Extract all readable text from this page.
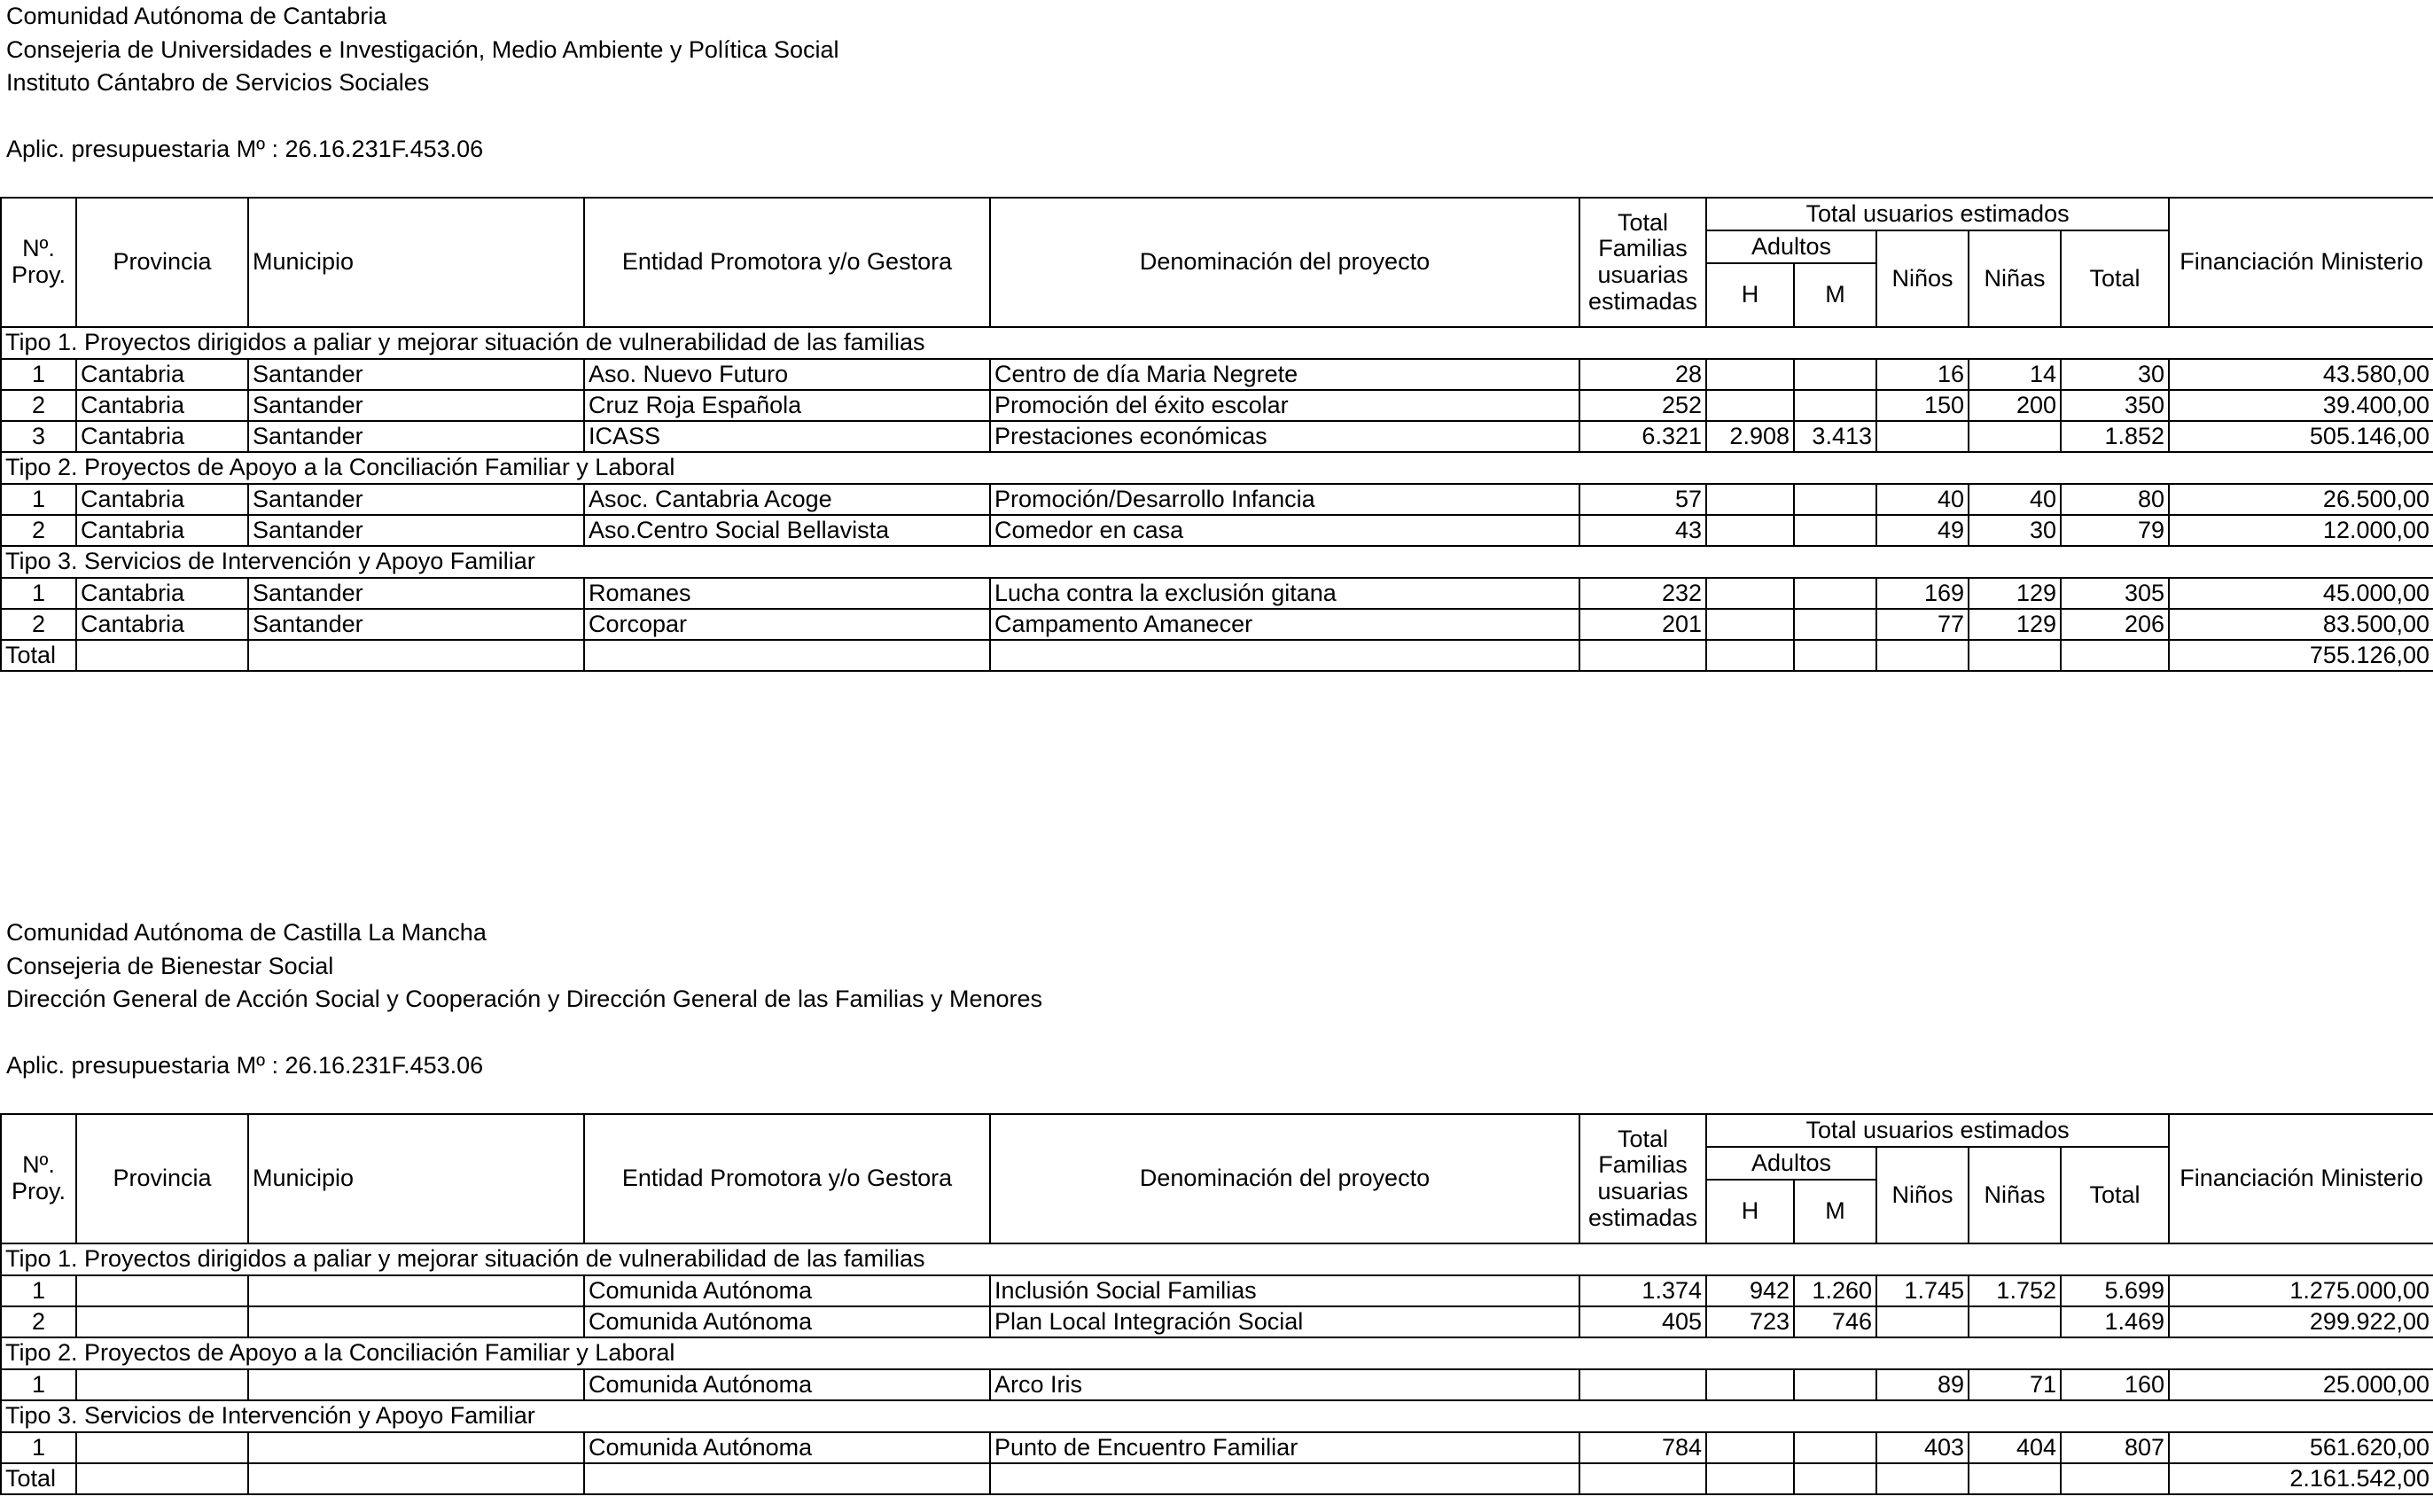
Comunidad Autónoma de Cantabria
Consejeria de Universidades e Investigación, Medio Ambiente y Política Social
Instituto Cántabro de Servicios Sociales
Aplic. presupuestaria Mº : 26.16.231F.453.06
Nº. Proy.	Provincia	Municipio	Entidad Promotora y/o Gestora	Denominación del proyecto	Total Familias usuarias estimadas	Total usuarios estimados					Financiación Ministerio
						Adultos		Niños	Niñas	Total	
						H	M				
Tipo 1. Proyectos dirigidos a paliar y mejorar situación de vulnerabilidad de las familias											
1	Cantabria	Santander	Aso. Nuevo Futuro	Centro de día Maria Negrete	28			16	14	30	43.580,00
2	Cantabria	Santander	Cruz Roja Española	Promoción del éxito escolar	252			150	200	350	39.400,00
3	Cantabria	Santander	ICASS	Prestaciones económicas	6.321	2.908	3.413			1.852	505.146,00
Tipo 2. Proyectos de Apoyo a la Conciliación Familiar y Laboral											
1	Cantabria	Santander	Asoc. Cantabria Acoge	Promoción/Desarrollo Infancia	57			40	40	80	26.500,00
2	Cantabria	Santander	Aso.Centro Social Bellavista	Comedor en casa	43			49	30	79	12.000,00
Tipo 3. Servicios de Intervención y Apoyo Familiar											
1	Cantabria	Santander	Romanes	Lucha contra la exclusión gitana	232			169	129	305	45.000,00
2	Cantabria	Santander	Corcopar	Campamento Amanecer	201			77	129	206	83.500,00
Total											755.126,00
Comunidad Autónoma de Castilla La Mancha
Consejeria de Bienestar Social
Dirección General de Acción Social y Cooperación y Dirección General de las Familias y Menores
Aplic. presupuestaria Mº : 26.16.231F.453.06
Nº. Proy.	Provincia	Municipio	Entidad Promotora y/o Gestora	Denominación del proyecto	Total Familias usuarias estimadas	Total usuarios estimados					Financiación Ministerio
						Adultos		Niños	Niñas	Total	
						H	M				
Tipo 1. Proyectos dirigidos a paliar y mejorar situación de vulnerabilidad de las familias											
1			Comunida Autónoma	Inclusión Social Familias	1.374	942	1.260	1.745	1.752	5.699	1.275.000,00
2			Comunida Autónoma	Plan Local Integración Social	405	723	746			1.469	299.922,00
Tipo 2. Proyectos de Apoyo a la Conciliación Familiar y Laboral											
1			Comunida Autónoma	Arco Iris				89	71	160	25.000,00
Tipo 3. Servicios de Intervención y Apoyo Familiar											
1			Comunida Autónoma	Punto de Encuentro Familiar	784			403	404	807	561.620,00
Total											2.161.542,00
